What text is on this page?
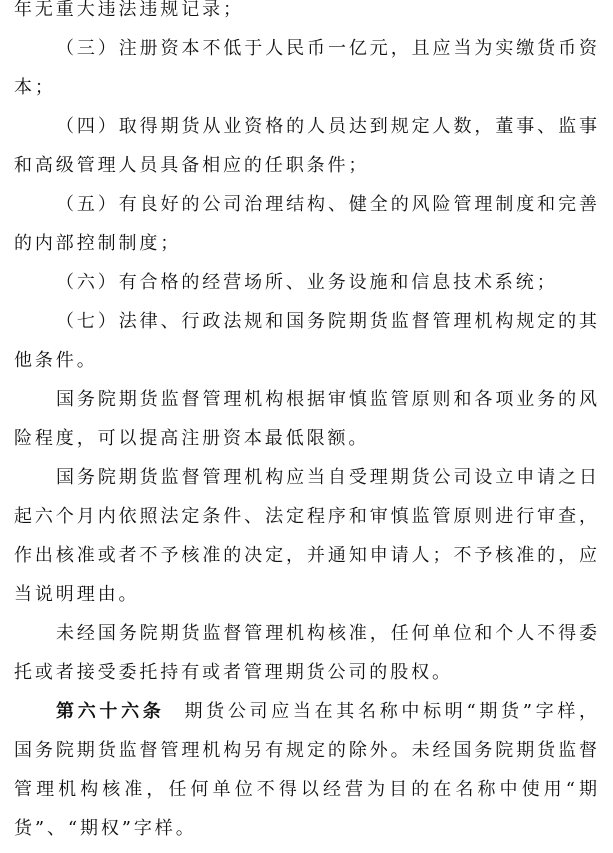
年无重大违法违规记录；
（三）注册资本不低于人民币一亿元，且应当为实缴货币资
本；
（四）取得期货从业资格的人员达到规定人数，董事、监事
和高级管理人员具备相应的任职条件；
（五）有良好的公司治理结构、健全的风险管理制度和完善
的内部控制制度；
（六）有合格的经营场所、业务设施和信息技术系统；
（七）法律、行政法规和国务院期货监督管理机构规定的其
他条件。
国务院期货监督管理机构根据审慎监管原则和各项业务的风
险程度，可以提高注册资本最低限额。
国务院期货监督管理机构应当自受理期货公司设立申请之日
起六个月内依照法定条件、法定程序和审慎监管原则进行审查，
作出核准或者不予核准的决定，并通知申请人；不予核准的，应
当说明理由。
未经国务院期货监督管理机构核准，任何单位和个人不得委
托或者接受委托持有或者管理期货公司的股权。
第六十六条 期货公司应当在其名称中标明“期货”字样，
国务院期货监督管理机构另有规定的除外。未经国务院期货监督
管理机构核准，任何单位不得以经营为目的在名称中使用“期
货”、“期权”字样。
